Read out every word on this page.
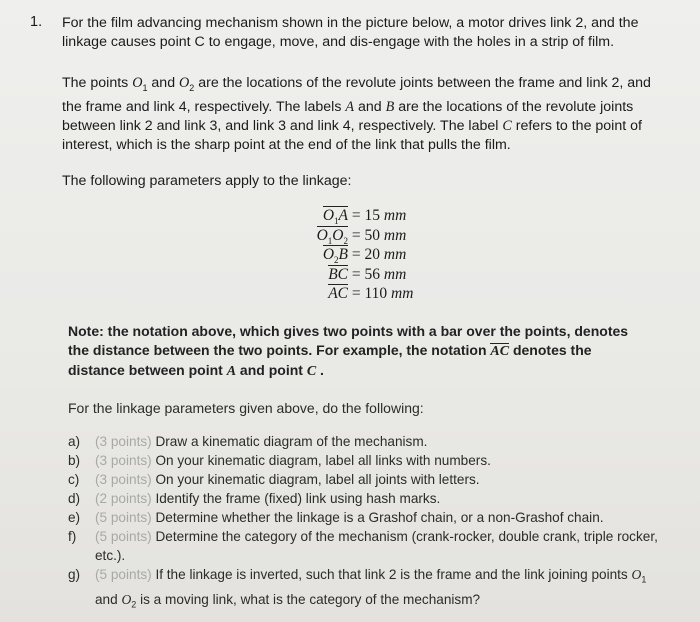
1. For the film advancing mechanism shown in the picture below, a motor drives link 2, and the linkage causes point C to engage, move, and dis-engage with the holes in a strip of film.

The points $O_1$ and $O_2$ are the locations of the revolute joints between the frame and link 2, and the frame and link 4, respectively. The labels A and B are the locations of the revolute joints between link 2 and link 3, and link 3 and link 4, respectively. The label C refers to the point of interest, which is the sharp point at the end of the link that pulls the film.

The following parameters apply to the linkage:

$O_1A = 15$ mm
$O_1O_2 = 50$ mm
$O_2B = 20$ mm
BC = 56 mm
AC = 110 mm
Note: the notation above, which gives two points with a bar over the points, denotes the distance between the two points. For example, the notation AC denotes the distance between point A and point C .
For the linkage parameters given above, do the following:
a)	(3 points) Draw a kinematic diagram of the mechanism.
b)	(3 points) On your kinematic diagram, label all links with numbers.
c)	(3 points) On your kinematic diagram, label all joints with letters.
d)	(2 points) Identify the frame (fixed) link using hash marks.
e)	(5 points) Determine whether the linkage is a Grashof chain, or a non-Grashof chain.
f)	(5 points) Determine the category of the mechanism (crank-rocker, double crank, triple rocker, etc.).
g)	(5 points) If the linkage is inverted, such that link 2 is the frame and the link joining points $O_1$
and $O_2$ is a moving link, what is the category of the mechanism?
